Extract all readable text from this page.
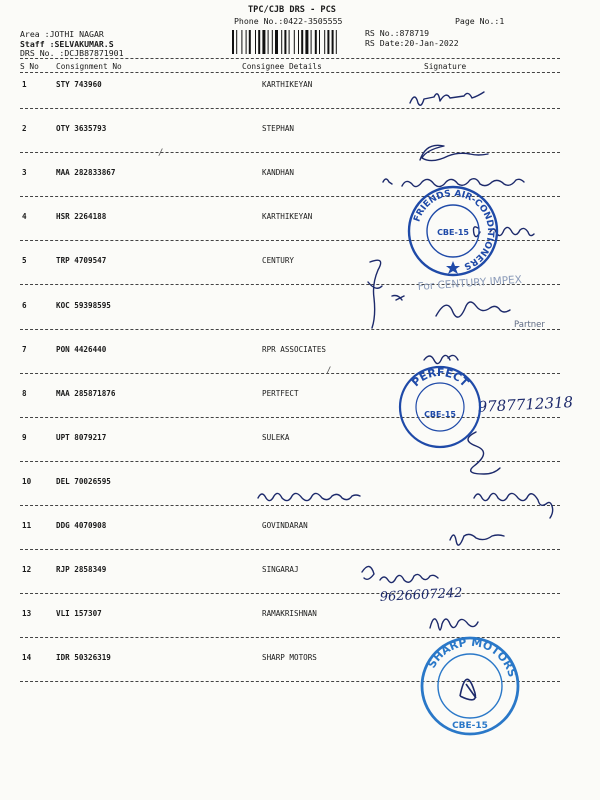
TPC/CJB DRS - PCS
Phone No.:0422-3505555
Area :JOTHI NAGAR
Staff :SELVAKUMAR.S
DRS No. :DCJB87871901
RS No.:878719
RS Date:20-Jan-2022
Page No.:1
S No Consignment No	Consignee Details	Signature
1	STY 743960	KARTHIKEYAN
2	OTY 3635793	STEPHAN
3	MAA 282833867	KANDHAN
4	HSR 2264188	KARTHIKEYAN
5	TRP 4709547	CENTURY
6	KOC 59398595
7	PON 4426440	RPR ASSOCIATES
8	MAA 285871876	PERTFECT
9	UPT 8079217	SULEKA
10	DEL 70026595
11	DDG 4070908	GOVINDARAN
12	RJP 2858349	SINGARAJ
13	VLI 157307	RAMAKRISHNAN
14	IDR 50326319	SHARP MOTORS
9787712318
9626607242
For CENTURY IMPEX
Partner
FRIENDS AIR-CONDITIONERS
CBE-15
PERFECT
CBE-15
SHARP MOTORS
CBE-15
/
/
